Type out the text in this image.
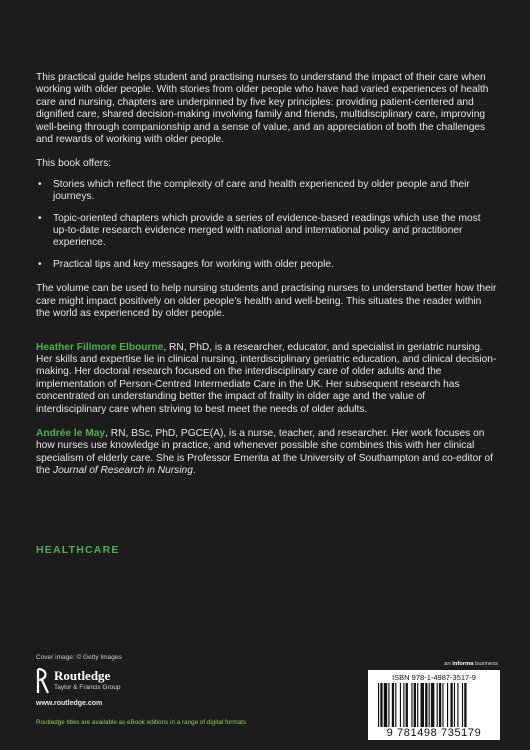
This practical guide helps student and practising nurses to understand the impact of their care when working with older people. With stories from older people who have had varied experiences of health care and nursing, chapters are underpinned by five key principles: providing patient-centered and dignified care, shared decision-making involving family and friends, multidisciplinary care, improving well-being through companionship and a sense of value, and an appreciation of both the challenges and rewards of working with older people.

This book offers:

• Stories which reflect the complexity of care and health experienced by older people and their journeys.
• Topic-oriented chapters which provide a series of evidence-based readings which use the most up-to-date research evidence merged with national and international policy and practitioner experience.
• Practical tips and key messages for working with older people.

The volume can be used to help nursing students and practising nurses to understand better how their care might impact positively on older people’s health and well-being. This situates the reader within the world as experienced by older people.

Heather Fillmore Elbourne, RN, PhD, is a researcher, educator, and specialist in geriatric nursing. Her skills and expertise lie in clinical nursing, interdisciplinary geriatric education, and clinical decision-making. Her doctoral research focused on the interdisciplinary care of older adults and the implementation of Person-Centred Intermediate Care in the UK. Her subsequent research has concentrated on understanding better the impact of frailty in older age and the value of interdisciplinary care when striving to best meet the needs of older adults.

Andrée le May, RN, BSc, PhD, PGCE(A), is a nurse, teacher, and researcher. Her work focuses on how nurses use knowledge in practice, and whenever possible she combines this with her clinical specialism of elderly care. She is Professor Emerita at the University of Southampton and co-editor of the Journal of Research in Nursing.

HEALTHCARE
Cover image: © Getty Images
Routledge
Taylor & Francis Group
www.routledge.com
an informa business
ISBN 978-1-4987-3517-9
9 781498 735179
Routledge titles are available as eBook editions in a range of digital formats
